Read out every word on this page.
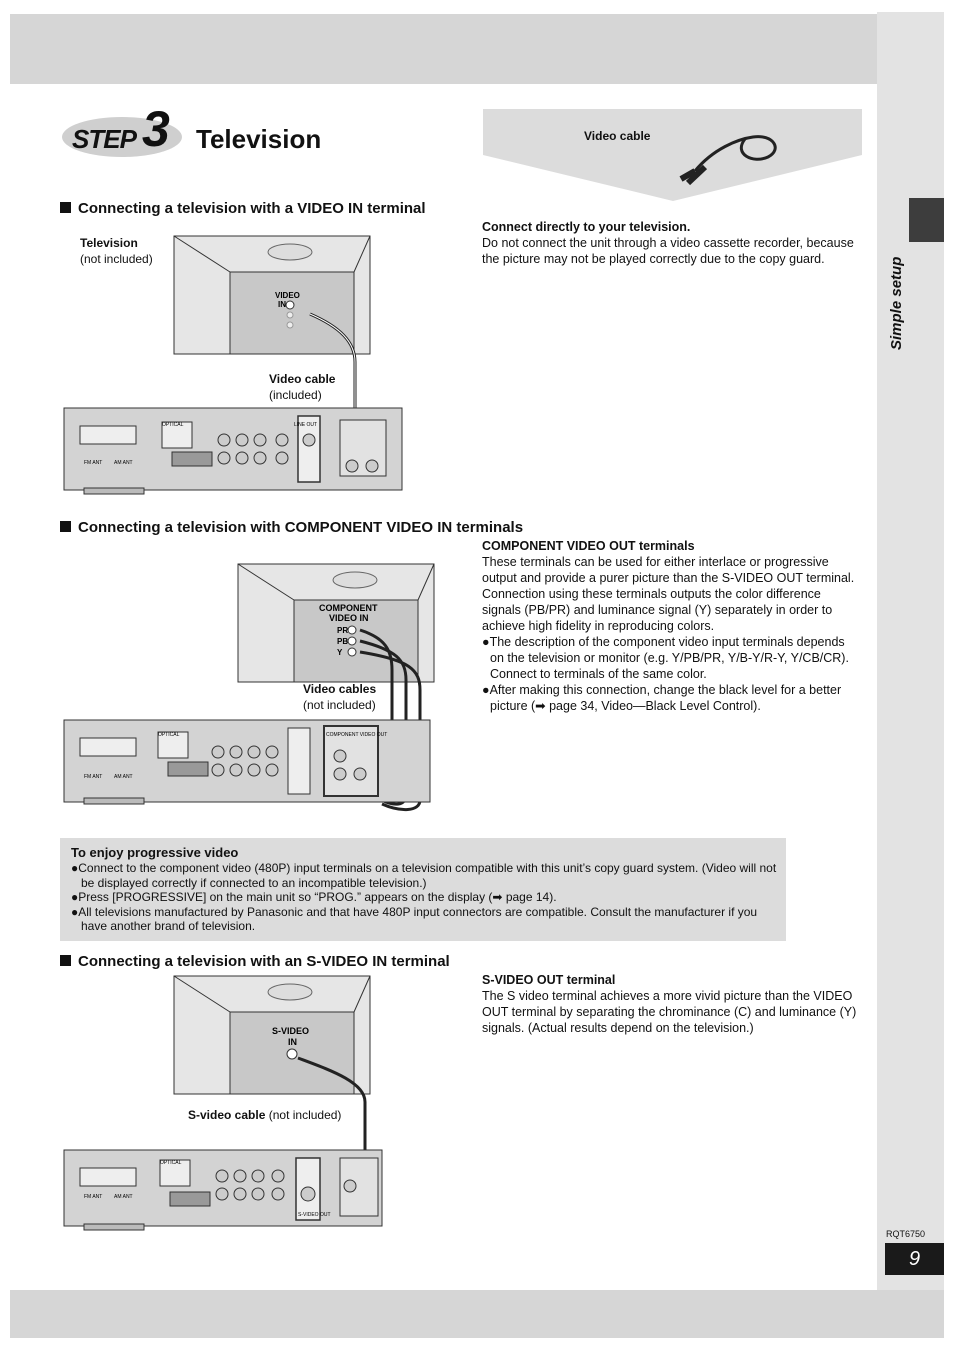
Simple setup
STEP 3 Television	Video cable
Connecting a television with a VIDEO IN terminal
Television
(not included)
VIDEO
IN
OPTICAL	LINE OUT
FM ANT AM ANT
Video cable
(included)
Connect directly to your television.
Do not connect the unit through a video cassette recorder, because the picture may not be played correctly due to the copy guard.
Connecting a television with COMPONENT VIDEO IN terminals
COMPONENT
VIDEO IN
PR
PB
Y
OPTICAL	COMPONENT VIDEO OUT
FM ANT AM ANT
Video cables
(not included)
COMPONENT VIDEO OUT terminals
These terminals can be used for either interlace or progressive output and provide a purer picture than the S-VIDEO OUT terminal. Connection using these terminals outputs the color difference signals (PB/PR) and luminance signal (Y) separately in order to achieve high fidelity in reproducing colors.
●The description of the component video input terminals depends on the television or monitor (e.g. Y/PB/PR, Y/B-Y/R-Y, Y/CB/CR). Connect to terminals of the same color.
●After making this connection, change the black level for a better picture (➡ page 34, Video—Black Level Control).
To enjoy progressive video
●Connect to the component video (480P) input terminals on a television compatible with this unit’s copy guard system. (Video will not be displayed correctly if connected to an incompatible television.)
●Press [PROGRESSIVE] on the main unit so “PROG.” appears on the display (➡ page 14).
●All televisions manufactured by Panasonic and that have 480P input connectors are compatible. Consult the manufacturer if you have another brand of television.
Connecting a television with an S-VIDEO IN terminal
S-VIDEO
IN
OPTICAL
S-VIDEO OUT
FM ANT AM ANT
S-video cable (not included)
S-VIDEO OUT terminal
The S video terminal achieves a more vivid picture than the VIDEO OUT terminal by separating the chrominance (C) and luminance (Y) signals. (Actual results depend on the television.)
RQT6750
9
